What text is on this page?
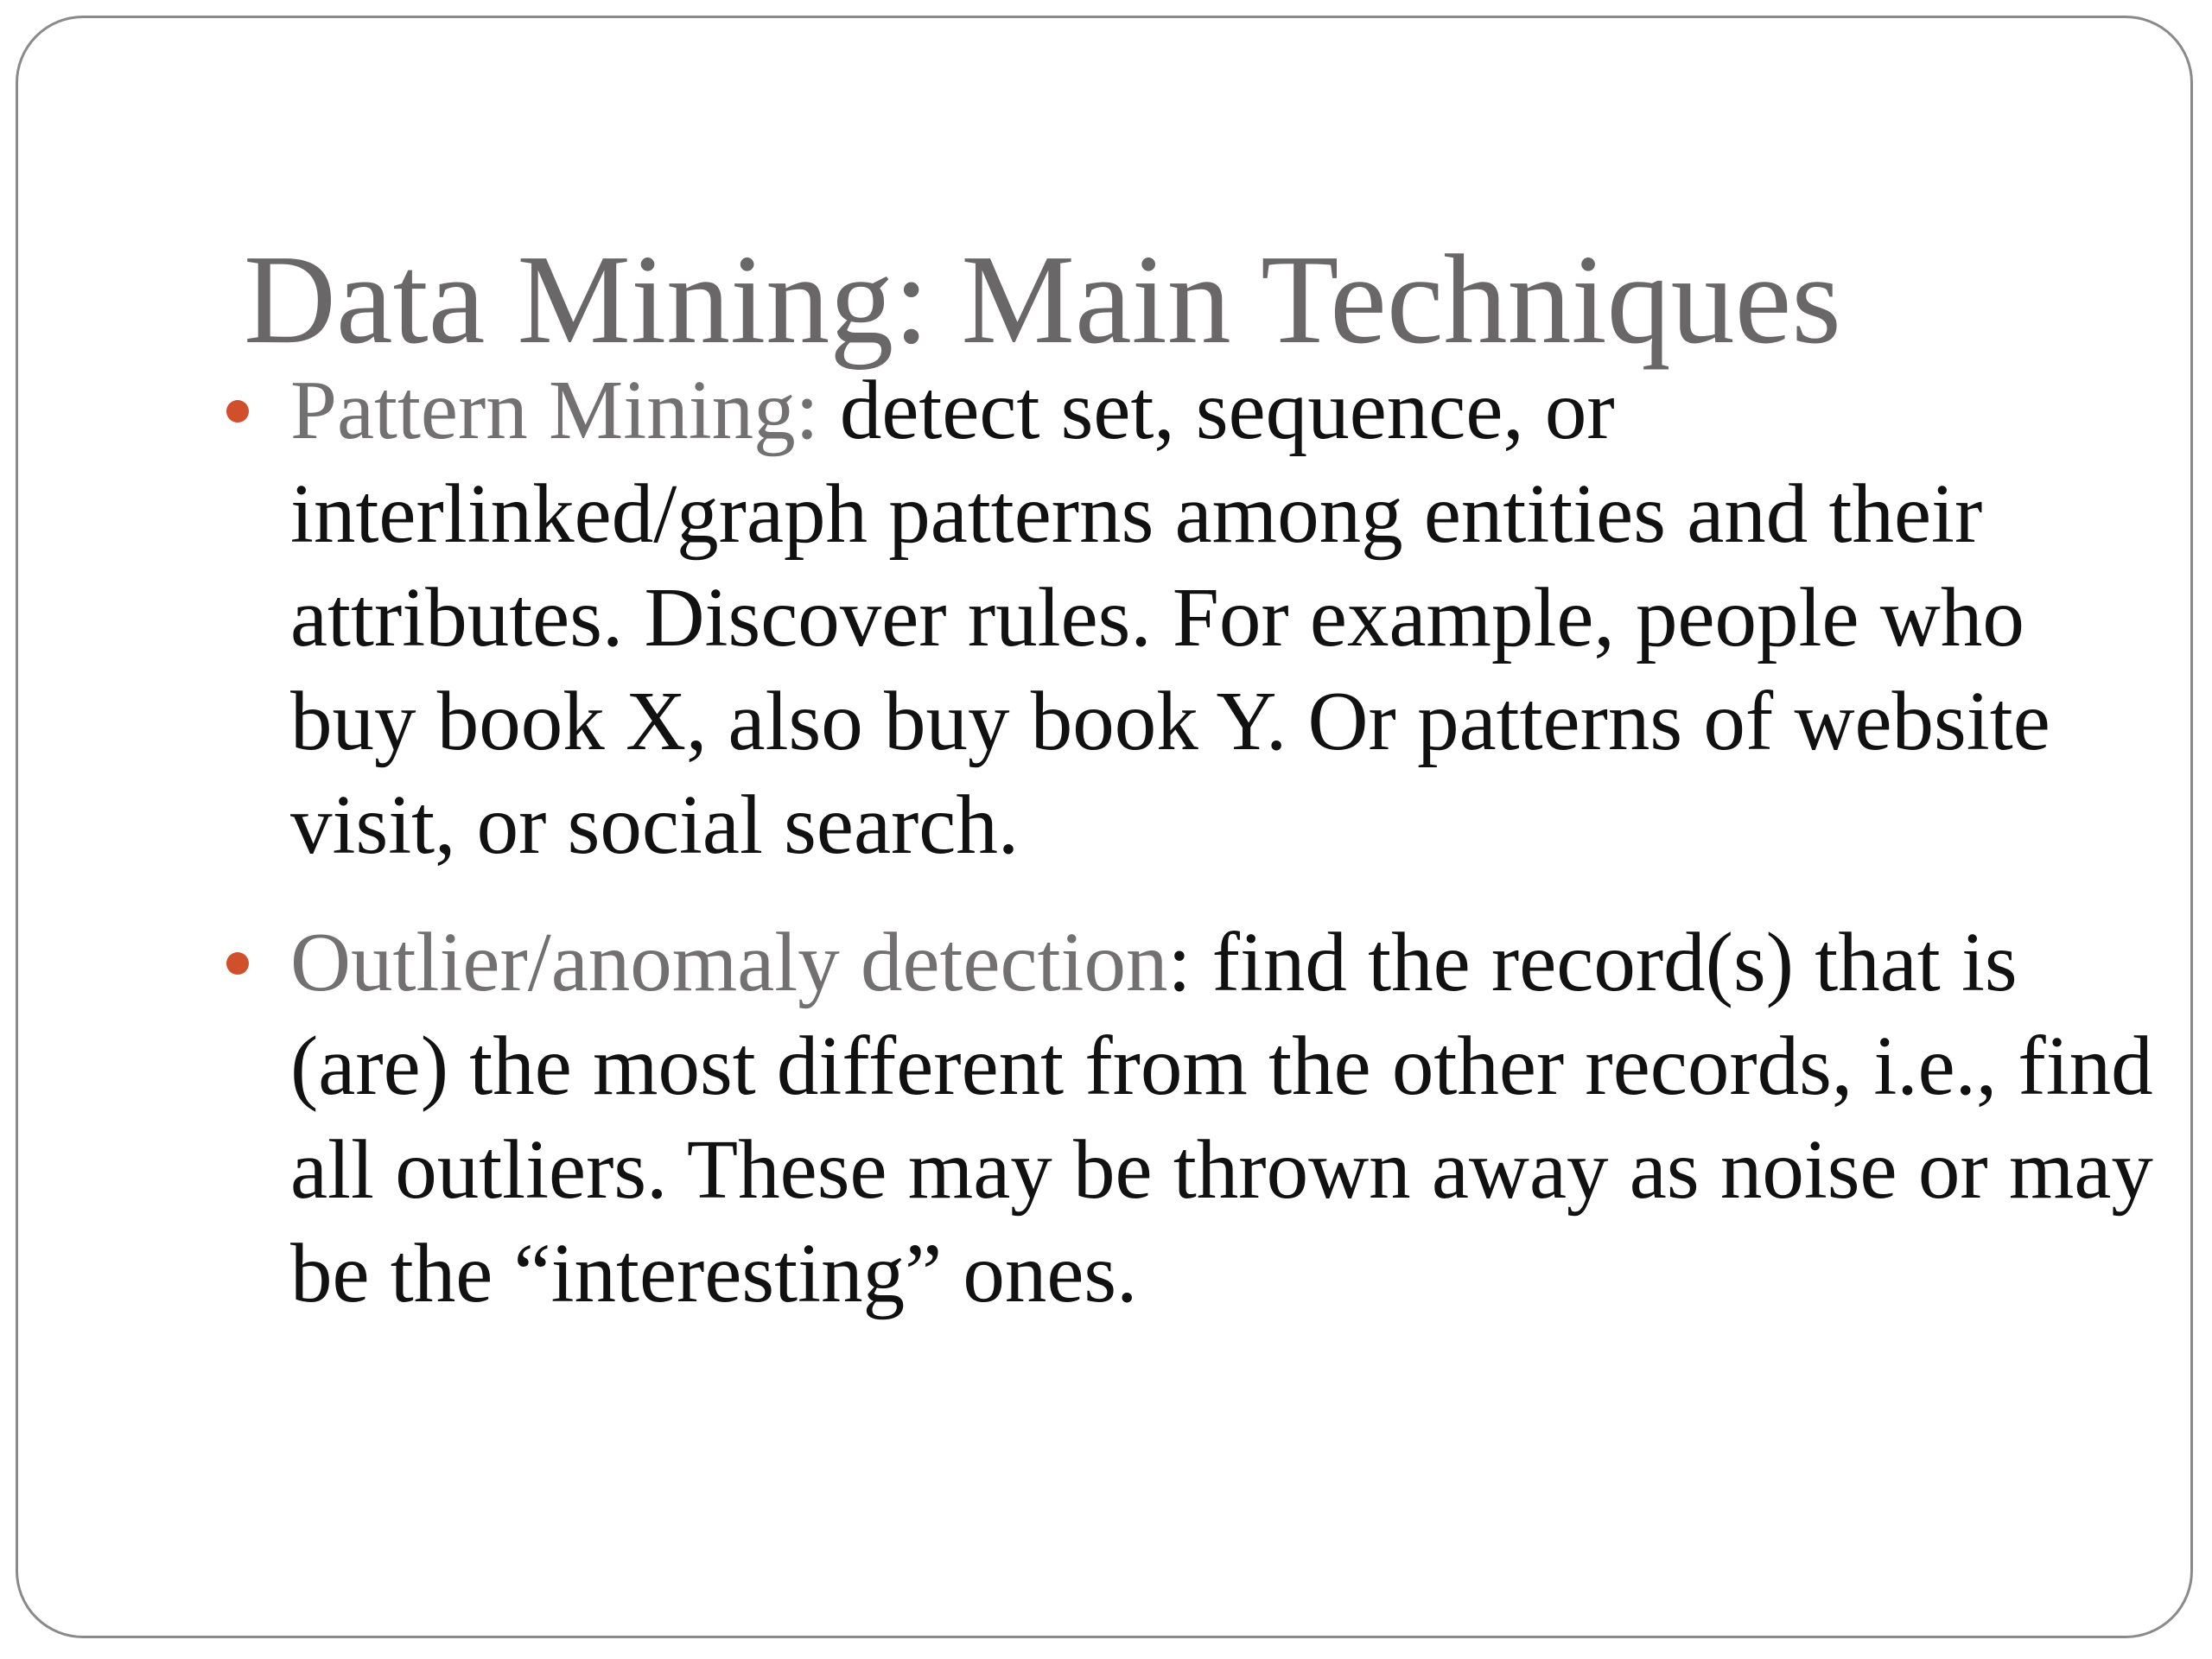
Data Mining: Main Techniques
Pattern Mining: detect set, sequence, or interlinked/graph patterns among entities and their attributes. Discover rules. For example, people who buy book X, also buy book Y. Or patterns of website visit, or social search.
Outlier/anomaly detection: find the record(s) that is (are) the most different from the other records, i.e., find all outliers. These may be thrown away as noise or may be the “interesting” ones.
